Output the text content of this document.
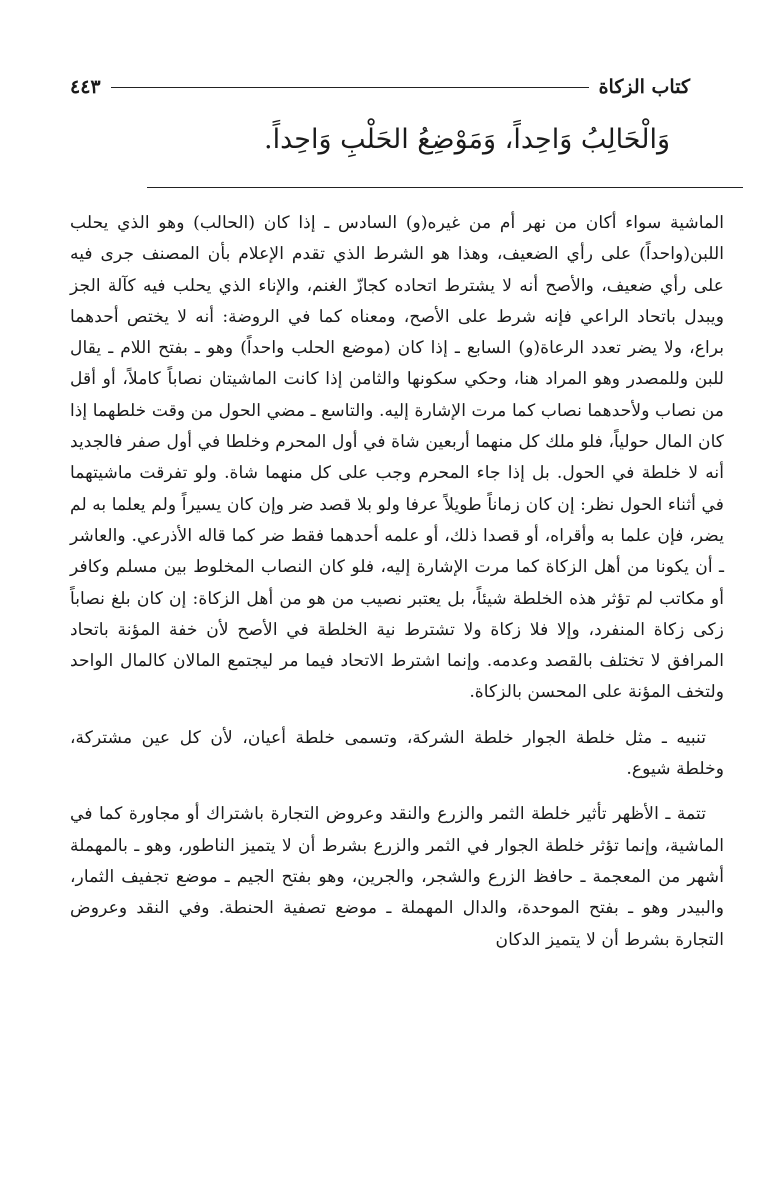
كتاب الزكاة
٤٤٣
وَالْحَالِبُ وَاحِداً، وَمَوْضِعُ الحَلْبِ وَاحِداً.

الماشية سواء أكان من نهر أم من غيره(و) السادس ـ إذا كان (الحالب) وهو الذي يحلب اللبن(واحداً) على رأي الضعيف، وهذا هو الشرط الذي تقدم الإعلام بأن المصنف جرى فيه على رأي ضعيف، والأصح أنه لا يشترط اتحاده كجازّ الغنم، والإناء الذي يحلب فيه كآلة الجز ويبدل باتحاد الراعي فإنه شرط على الأصح، ومعناه كما في الروضة: أنه لا يختص أحدهما براع، ولا يضر تعدد الرعاة(و) السابع ـ إذا كان (موضع الحلب واحداً) وهو ـ بفتح اللام ـ يقال للبن وللمصدر وهو المراد هنا، وحكي سكونها والثامن إذا كانت الماشيتان نصاباً كاملاً، أو أقل من نصاب ولأحدهما نصاب كما مرت الإشارة إليه. والتاسع ـ مضي الحول من وقت خلطهما إذا كان المال حولياً، فلو ملك كل منهما أربعين شاة في أول المحرم وخلطا في أول صفر فالجديد أنه لا خلطة في الحول. بل إذا جاء المحرم وجب على كل منهما شاة. ولو تفرقت ماشيتهما في أثناء الحول نظر: إن كان زماناً طويلاً عرفا ولو بلا قصد ضر وإن كان يسيراً ولم يعلما به لم يضر، فإن علما به وأقراه، أو قصدا ذلك، أو علمه أحدهما فقط ضر كما قاله الأذرعي. والعاشر ـ أن يكونا من أهل الزكاة كما مرت الإشارة إليه، فلو كان النصاب المخلوط بين مسلم وكافر أو مكاتب لم تؤثر هذه الخلطة شيئاً، بل يعتبر نصيب من هو من أهل الزكاة: إن كان بلغ نصاباً زكى زكاة المنفرد، وإلا فلا زكاة ولا تشترط نية الخلطة في الأصح لأن خفة المؤنة باتحاد المرافق لا تختلف بالقصد وعدمه. وإنما اشترط الاتحاد فيما مر ليجتمع المالان كالمال الواحد ولتخف المؤنة على المحسن بالزكاة.

تنبيه ـ مثل خلطة الجوار خلطة الشركة، وتسمى خلطة أعيان، لأن كل عين مشتركة، وخلطة شيوع.

تتمة ـ الأظهر تأثير خلطة الثمر والزرع والنقد وعروض التجارة باشتراك أو مجاورة كما في الماشية، وإنما تؤثر خلطة الجوار في الثمر والزرع بشرط أن لا يتميز الناطور، وهو ـ بالمهملة أشهر من المعجمة ـ حافظ الزرع والشجر، والجرين، وهو بفتح الجيم ـ موضع تجفيف الثمار، والبيدر وهو ـ بفتح الموحدة، والدال المهملة ـ موضع تصفية الحنطة. وفي النقد وعروض التجارة بشرط أن لا يتميز الدكان
